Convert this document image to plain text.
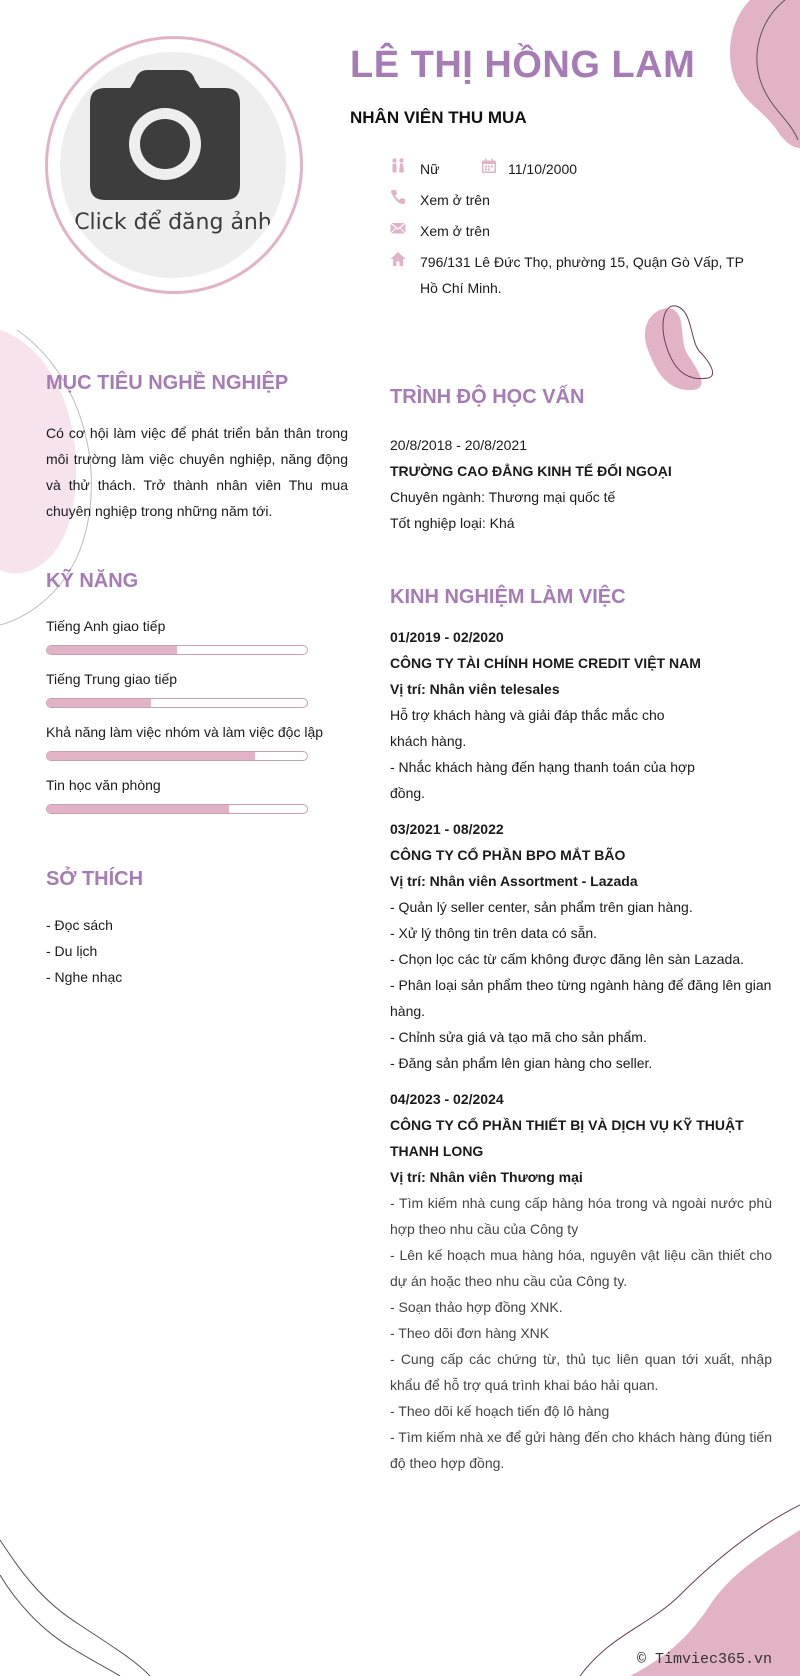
Click để đăng ảnh
LÊ THỊ HỒNG LAM
NHÂN VIÊN THU MUA
Nữ	11/10/2000
Xem ở trên
Xem ở trên
796/131 Lê Đức Thọ, phường 15, Quận Gò Vấp, TP
Hồ Chí Minh.
MỤC TIÊU NGHỀ NGHIỆP
Có cơ hội làm việc để phát triển bản thân trong môi trường làm việc chuyên nghiệp, năng động và thử thách. Trở thành nhân viên Thu mua chuyên nghiệp trong những năm tới.
KỸ NĂNG
Tiếng Anh giao tiếp
Tiếng Trung giao tiếp
Khả năng làm việc nhóm và làm việc độc lập
Tin học văn phòng
SỞ THÍCH
- Đọc sách
- Du lịch
- Nghe nhạc
TRÌNH ĐỘ HỌC VẤN
20/8/2018 - 20/8/2021
TRƯỜNG CAO ĐẲNG KINH TẾ ĐỐI NGOẠI
Chuyên ngành: Thương mại quốc tế
Tốt nghiệp loại: Khá
KINH NGHIỆM LÀM VIỆC
01/2019 - 02/2020
CÔNG TY TÀI CHÍNH HOME CREDIT VIỆT NAM
Vị trí: Nhân viên telesales
Hỗ trợ khách hàng và giải đáp thắc mắc cho khách hàng.
- Nhắc khách hàng đến hạng thanh toán của hợp đồng.
03/2021 - 08/2022
CÔNG TY CỔ PHẦN BPO MẮT BÃO
Vị trí: Nhân viên Assortment - Lazada
- Quản lý seller center, sản phẩm trên gian hàng.
- Xử lý thông tin trên data có sẵn.
- Chọn lọc các từ cấm không được đăng lên sàn Lazada.
- Phân loại sản phẩm theo từng ngành hàng để đăng lên gian hàng.
- Chỉnh sửa giá và tạo mã cho sản phẩm.
- Đăng sản phẩm lên gian hàng cho seller.
04/2023 - 02/2024
CÔNG TY CỔ PHẦN THIẾT BỊ VÀ DỊCH VỤ KỸ THUẬT THANH LONG
Vị trí: Nhân viên Thương mại
- Tìm kiếm nhà cung cấp hàng hóa trong và ngoài nước phù hợp theo nhu cầu của Công ty
- Lên kế hoạch mua hàng hóa, nguyên vật liệu cần thiết cho dự án hoặc theo nhu cầu của Công ty.
- Soạn thảo hợp đồng XNK.
- Theo dõi đơn hàng XNK
- Cung cấp các chứng từ, thủ tục liên quan tới xuất, nhập khẩu để hỗ trợ quá trình khai báo hải quan.
- Theo dõi kế hoạch tiến độ lô hàng
- Tìm kiếm nhà xe để gửi hàng đến cho khách hàng đúng tiến độ theo hợp đồng.
© Timviec365.vn
